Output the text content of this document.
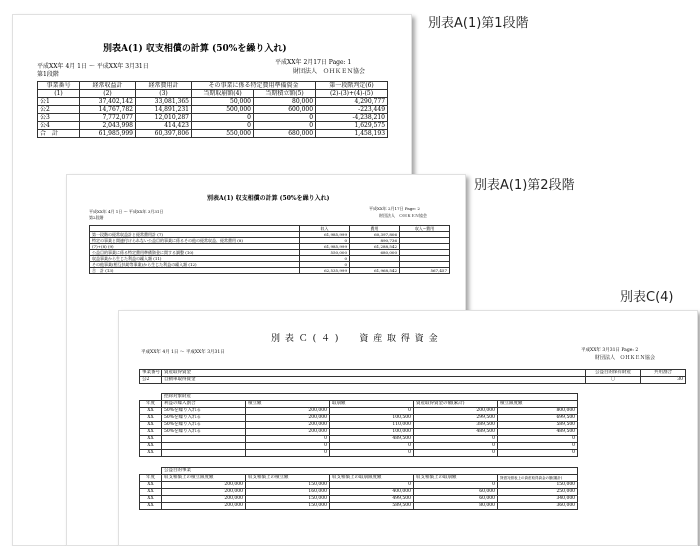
別表A(1) 収支相償の計算 (50%を繰り入れ)
平成XX年 4月 1日 〜 平成XX年 3月31日
第1段階
平成XX年 2月17日 Page: 1
財団法人　ＯＨＫＥＮ協会
事業番号	経常収益計	経常費用計	その事業に係る特定費用準備資金		第一段階判定(6)
(1)	(2)	(3)	当期取崩額(4)	当期積立額(5)	(2)-(3)+(4)-(5)
公1	37,402,142	33,081,365	50,000	80,000	4,290,777
公2	14,767,782	14,891,231	500,000	600,000	-223,449
公3	7,772,077	12,010,287	0	0	-4,238,210
公4	2,043,998	414,423	0	0	1,629,575
合　計	61,985,999	60,397,806	550,000	680,000	1,458,193
別表A(1)第1段階
別表A(1) 収支相償の計算 (50%を繰り入れ)
平成XX年 4月 1日 〜 平成XX年 3月31日
第2段階
平成XX年 2月17日 Page: 2
財団法人　ＯＨＫＥＮ協会
	収入	費用	収入−費用
第一段階の経常収益計と経常費用計 (7)	61,985,999	60,397,806	
特定の事業と関連付けられない公益目的事業に係るその他の経常収益、経常費用 (8)	0	890,736	
(7)+(8) (9)	61,985,999	61,288,542	
公益目的事業に係る特定費用準備資金に関する調整 (10)	550,000	680,000	
収益事業から生じた利益の繰入額 (11)	0		
その他事業(相互扶助等事業)から生じた利益の繰入額 (12)	0		
合　計 (13)	62,535,999	61,968,542	567,457
別表A(1)第2段階
別 表 Ｃ ( ４ )　　資 産 取 得 資 金
平成XX年 4月 1日 〜 平成XX年 3月31日	平成XX年 3月31日 Page: 2
財団法人　ＯＨＫＥＮ協会
事業番号	資産取得資金	公益目的保有財産	共用割合
公2	自動車取得資金	〇	30
	控除対象財産				
年度	利益の繰入割合	積立額	取崩額	資産取得資金の額(累計)	積立限度額
XX	50%を繰り入れる	200,000	0	200,000	800,000
XX	50%を繰り入れる	200,000	100,500	299,500	699,500
XX	50%を繰り入れる	200,000	110,000	389,500	589,500
XX	50%を繰り入れる	200,000	100,000	489,500	489,500
XX		0	489,500	0	0
XX		0	0	0	0
XX		0	0	0	0
	公益目的事業				
年度	収支相償上の積立限度額	収支相償上の積立額	収支相償上の取崩限度額	収支相償上の取崩額	貸借対照表上の資産取得資金の額(累計)
XX	200,000	150,000	0	0	150,000
XX	200,000	160,000	400,000	60,000	250,000
XX	200,000	150,000	499,500	60,000	340,000
XX	200,000	150,000	589,500	80,000	360,000
別表C(4)
